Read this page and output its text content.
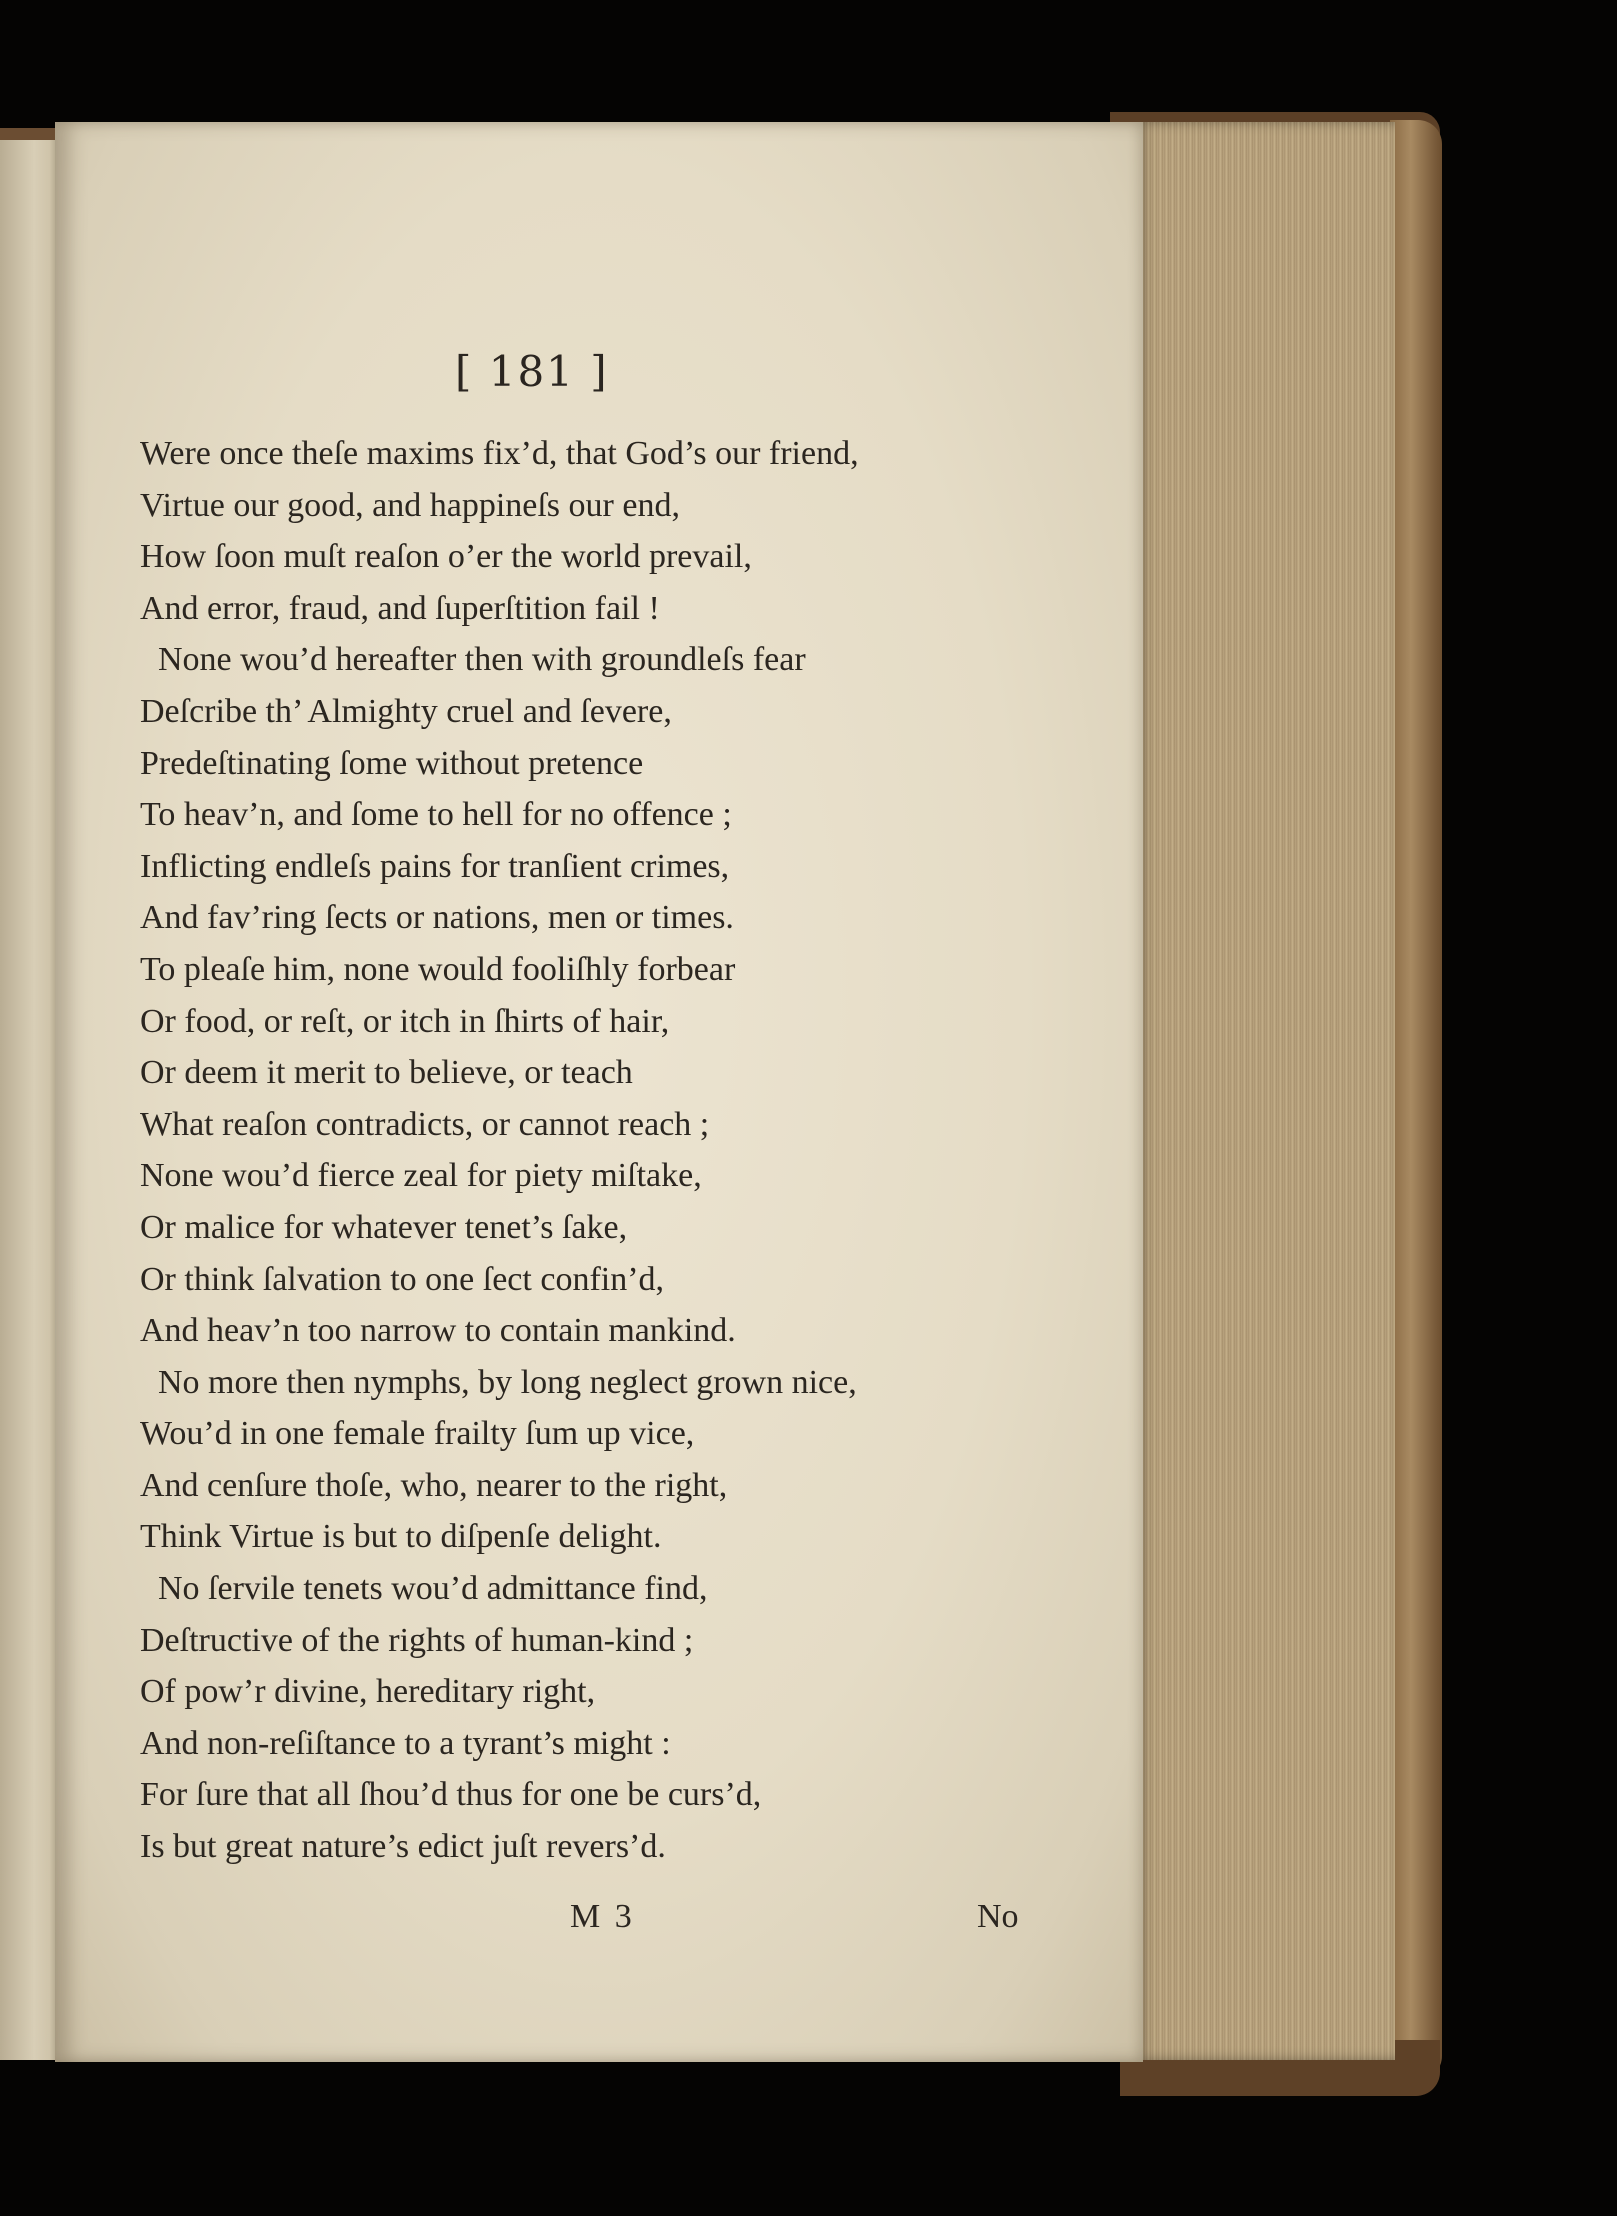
[ 181 ]
Were once theſe maxims fix’d, that God’s our friend,
Virtue our good, and happineſs our end,
How ſoon muſt reaſon o’er the world prevail,
And error, fraud, and ſuperſtition fail !
None wou’d hereafter then with groundleſs fear
Deſcribe th’ Almighty cruel and ſevere,
Predeſtinating ſome without pretence
To heav’n, and ſome to hell for no offence ;
Inflicting endleſs pains for tranſient crimes,
And fav’ring ſects or nations, men or times.
To pleaſe him, none would fooliſhly forbear
Or food, or reſt, or itch in ſhirts of hair,
Or deem it merit to believe, or teach
What reaſon contradicts, or cannot reach ;
None wou’d fierce zeal for piety miſtake,
Or malice for whatever tenet’s ſake,
Or think ſalvation to one ſect confin’d,
And heav’n too narrow to contain mankind.
No more then nymphs, by long neglect grown nice,
Wou’d in one female frailty ſum up vice,
And cenſure thoſe, who, nearer to the right,
Think Virtue is but to diſpenſe delight.
No ſervile tenets wou’d admittance find,
Deſtructive of the rights of human-kind ;
Of pow’r divine, hereditary right,
And non-reſiſtance to a tyrant’s might :
For ſure that all ſhou’d thus for one be curs’d,
Is but great nature’s edict juſt revers’d.
M 3	No
